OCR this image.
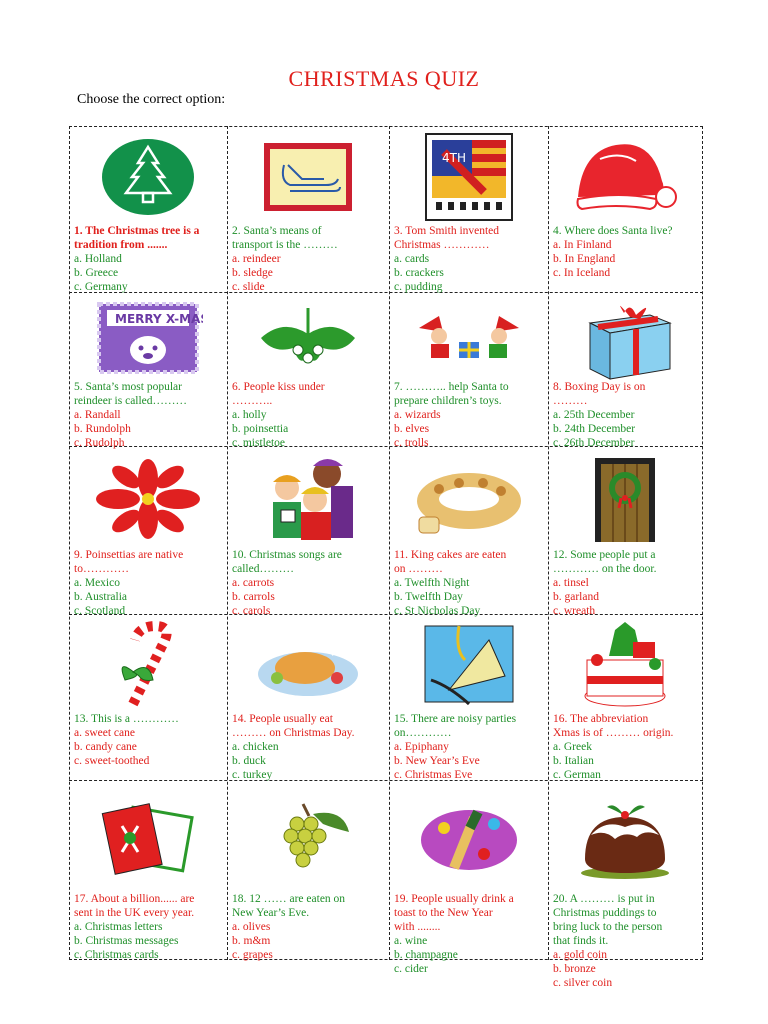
CHRISTMAS QUIZ
Choose the correct option:
1. The Christmas tree is a
tradition from .......
a. Holland
b. Greece
c. Germany
2. Santa’s means of
transport is the ………
a. reindeer
b. sledge
c. slide
4TH
3. Tom Smith invented
Christmas …………
a. cards
b. crackers
c. pudding
4. Where does Santa live?
a. In Finland
b. In England
c. In Iceland
MERRY X-MAS
5. Santa’s most popular
reindeer is called………
a. Randall
b. Rundolph
c. Rudolph
6. People kiss under
………..
a. holly
b. poinsettia
c. mistletoe
7. ……….. help Santa to
prepare children’s toys.
a. wizards
b. elves
c. trolls
8. Boxing Day is on
………
a. 25th December
b. 24th December
c. 26th December
9. Poinsettias are native
to…………
a. Mexico
b. Australia
c. Scotland
10. Christmas songs are
called………
a. carrots
b. carrols
c. carols
11. King cakes are eaten
on ………
a. Twelfth Night
b. Twelfth Day
c. St Nicholas Day
12. Some people put a
………… on the door.
a. tinsel
b. garland
c. wreath
13. This is a …………
a. sweet cane
b. candy cane
c. sweet-toothed
14. People usually eat
……… on Christmas Day.
a. chicken
b. duck
c. turkey
15. There are noisy parties
on…………
a. Epiphany
b. New Year’s Eve
c. Christmas Eve
16. The abbreviation
Xmas is of ……… origin.
a. Greek
b. Italian
c. German
17. About a billion...... are
sent in the UK every year.
a. Christmas letters
b. Christmas messages
c. Christmas cards
18. 12 …… are eaten on
New Year’s Eve.
a. olives
b. m&m
c. grapes
19. People usually drink a
toast to the New Year
with ........
a. wine
b. champagne
c. cider
20. A ……… is put in
Christmas puddings to
bring luck to the person
that finds it.
a. gold coin
b. bronze
c. silver coin
